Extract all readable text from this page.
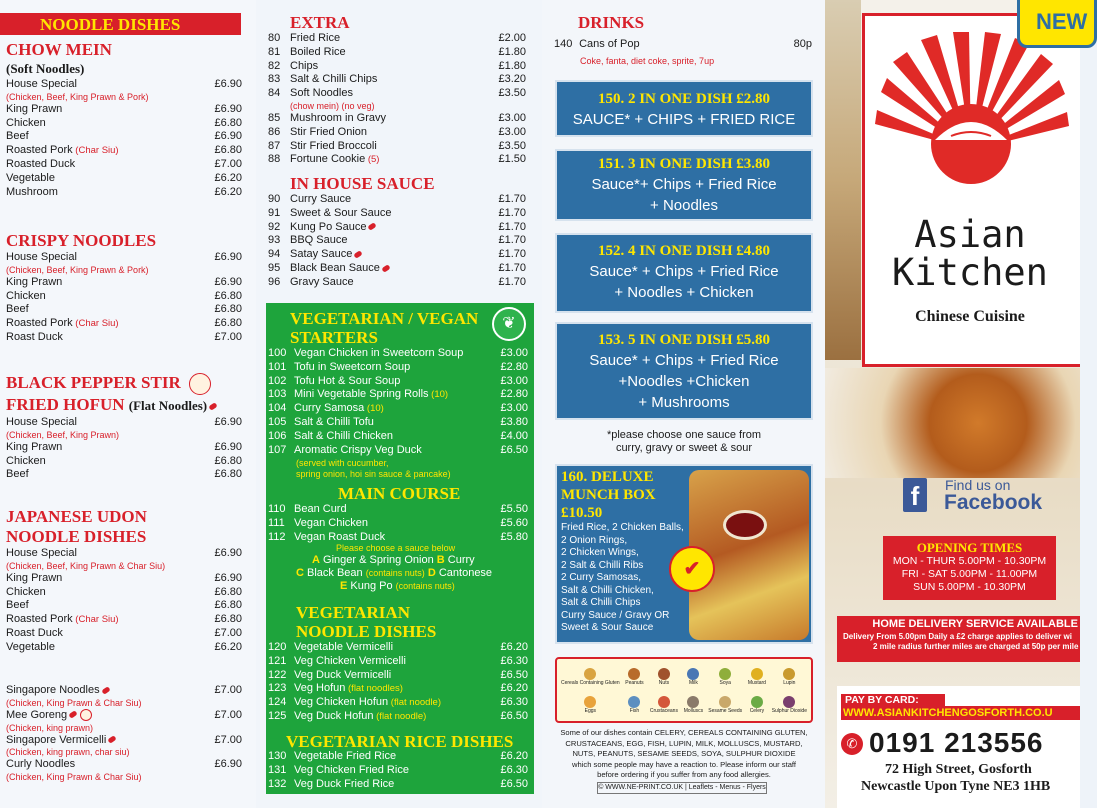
NOODLE DISHES
CHOW MEIN
(Soft Noodles)
House Special	£6.90
(Chicken, Beef, King Prawn & Pork)
King Prawn	£6.90
Chicken	£6.80
Beef	£6.90
Roasted Pork (Char Siu)	£6.80
Roasted Duck	£7.00
Vegetable	£6.20
Mushroom	£6.20
CRISPY NOODLES
House Special	£6.90
(Chicken, Beef, King Prawn & Pork)
King Prawn	£6.90
Chicken	£6.80
Beef	£6.80
Roasted Pork (Char Siu)	£6.80
Roast Duck	£7.00
BLACK PEPPER STIR
FRIED HOFUN (Flat Noodles)
House Special	£6.90
(Chicken, Beef, King Prawn)
King Prawn	£6.90
Chicken	£6.80
Beef	£6.80
JAPANESE UDON
NOODLE DISHES
House Special	£6.90
(Chicken, Beef, King Prawn & Char Siu)
King Prawn	£6.90
Chicken	£6.80
Beef	£6.80
Roasted Pork (Char Siu)	£6.80
Roast Duck	£7.00
Vegetable	£6.20
Singapore Noodles	£7.00
(Chicken, King Prawn & Char Siu)
Mee Goreng	£7.00
(Chicken, king prawn)
Singapore Vermicelli	£7.00
(Chicken, king prawn, char siu)
Curly Noodles	£6.90
(Chicken, King Prawn & Char Siu)
EXTRA
80 Fried Rice	£2.00
81 Boiled Rice	£1.80
82 Chips	£1.80
83 Salt & Chilli Chips	£3.20
84 Soft Noodles	£3.50
(chow mein) (no veg)
85 Mushroom in Gravy	£3.00
86 Stir Fried Onion	£3.00
87 Stir Fried Broccoli	£3.50
88 Fortune Cookie (5)	£1.50
IN HOUSE SAUCE
90 Curry Sauce	£1.70
91 Sweet & Sour Sauce	£1.70
92 Kung Po Sauce	£1.70
93 BBQ Sauce	£1.70
94 Satay Sauce	£1.70
95 Black Bean Sauce	£1.70
96 Gravy Sauce	£1.70
VEGETARIAN / VEGAN
STARTERS
❦
100 Vegan Chicken in Sweetcorn Soup	£3.00
101 Tofu in Sweetcorn Soup	£2.80
102 Tofu Hot & Sour Soup	£3.00
103 Mini Vegetable Spring Rolls (10)	£2.80
104 Curry Samosa (10)	£3.00
105 Salt & Chilli Tofu	£3.80
106 Salt & Chilli Chicken	£4.00
107 Aromatic Crispy Veg Duck	£6.50
(served with cucumber,
spring onion, hoi sin sauce & pancake)
MAIN COURSE
110 Bean Curd	£5.50
111 Vegan Chicken	£5.60
112 Vegan Roast Duck	£5.80
Please choose a sauce below
A Ginger & Spring Onion B Curry
C Black Bean (contains nuts) D Cantonese
E Kung Po (contains nuts)
VEGETARIAN
NOODLE DISHES
120 Vegetable Vermicelli	£6.20
121 Veg Chicken Vermicelli	£6.30
122 Veg Duck Vermicelli	£6.50
123 Veg Hofun (flat noodles)	£6.20
124 Veg Chicken Hofun (flat noodle)	£6.30
125 Veg Duck Hofun (flat noodle)	£6.50
VEGETARIAN RICE DISHES
130 Vegetable Fried Rice	£6.20
131 Veg Chicken Fried Rice	£6.30
132 Veg Duck Fried Rice	£6.50
DRINKS
140 Cans of Pop	80p
Coke, fanta, diet coke, sprite, 7up
150. 2 IN ONE DISH £2.80
SAUCE* + CHIPS + FRIED RICE
151. 3 IN ONE DISH £3.80
Sauce*+ Chips + Fried Rice
+ Noodles
152. 4 IN ONE DISH £4.80
Sauce* + Chips + Fried Rice
+ Noodles + Chicken
153. 5 IN ONE DISH £5.80
Sauce* + Chips + Fried Rice
+Noodles +Chicken
+ Mushrooms
*please choose one sauce from
curry, gravy or sweet & sour
160. DELUXE
MUNCH BOX
£10.50
Fried Rice, 2 Chicken Balls,
2 Onion Rings,
2 Chicken Wings,
2 Salt & Chilli Ribs
2 Curry Samosas,
Salt & Chilli Chicken,
Salt & Chilli Chips
Curry Sauce / Gravy OR
Sweet & Sour Sauce
✔
Cereals Containing Gluten Peanuts	Nuts	Milk	Soya	Mustard	Lupin
Eggs	Fish Crustaceans Molluscs Sesame Seeds Celery Sulphur Dioxide
Some of our dishes contain CELERY, CEREALS CONTAINING GLUTEN,
CRUSTACEANS, EGG, FISH, LUPIN, MILK, MOLLUSCS, MUSTARD,
NUTS, PEANUTS, SESAME SEEDS, SOYA, SULPHUR DIOXIDE
which some people may have a reaction to. Please inform our staff
before ordering if you suffer from any food allergies.
© WWW.NE-PRINT.CO.UK | Leaflets - Menus - Flyers
Asian
Kitchen
Chinese Cuisine
NEW
f	Find us on
Facebook
OPENING TIMES
MON - THUR 5.00PM - 10.30PM
FRI - SAT 5.00PM - 11.00PM
SUN 5.00PM - 10.30PM
HOME DELIVERY SERVICE AVAILABLE
Delivery From 5.00pm Daily a £2 charge applies to deliver wi
2 mile radius further miles are charged at 50p per mile
PAY BY CARD:
WWW.ASIANKITCHENGOSFORTH.CO.U
✆ 0191 213556
72 High Street, Gosforth
Newcastle Upon Tyne NE3 1HB
